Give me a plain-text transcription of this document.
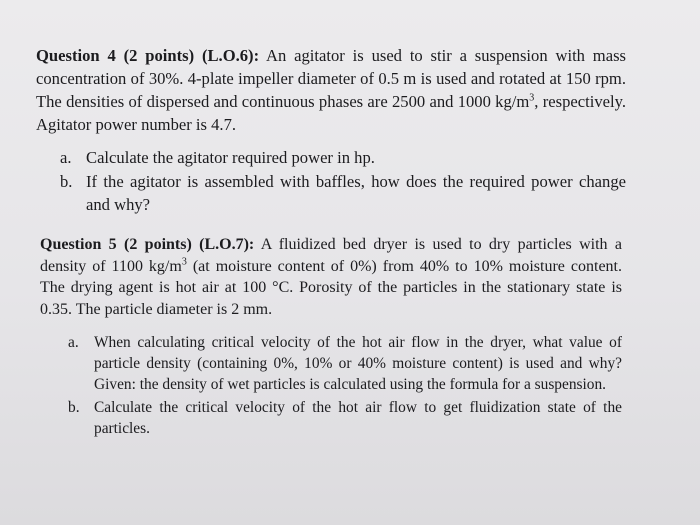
Question 4 (2 points) (L.O.6): An agitator is used to stir a suspension with mass concentration of 30%. 4-plate impeller diameter of 0.5 m is used and rotated at 150 rpm. The densities of dispersed and continuous phases are 2500 and 1000 $kg/m^3$, respectively. Agitator power number is 4.7.

a. Calculate the agitator required power in hp.
b. If the agitator is assembled with baffles, how does the required power change and why?

Question 5 (2 points) (L.O.7): A fluidized bed dryer is used to dry particles with a density of 1100 $kg/m^3$ (at moisture content of 0%) from 40% to 10% moisture content. The drying agent is hot air at 100 °C. Porosity of the particles in the stationary state is 0.35. The particle diameter is 2 mm.

a. When calculating critical velocity of the hot air flow in the dryer, what value of particle density (containing 0%, 10% or 40% moisture content) is used and why? Given: the density of wet particles is calculated using the formula for a suspension.
b. Calculate the critical velocity of the hot air flow to get fluidization state of the particles.
